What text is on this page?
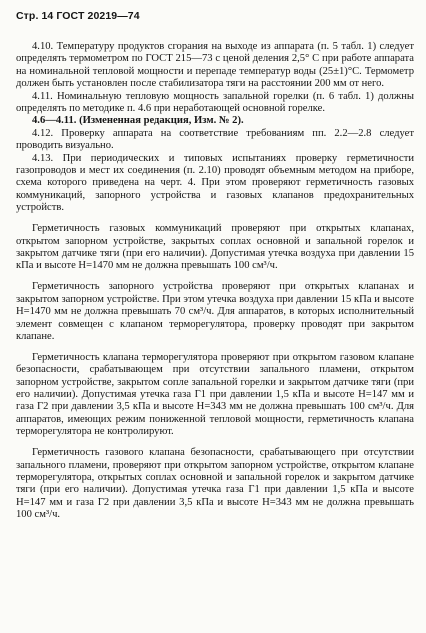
Стр. 14 ГОСТ 20219—74

4.10. Температуру продуктов сгорания на выходе из аппарата (п. 5 табл. 1) следует определять термометром по ГОСТ 215—73 с ценой деления 2,5° С при работе аппарата на номинальной тепловой мощности и перепаде температур воды (25±1)°С. Термометр должен быть установлен после стабилизатора тяги на расстоянии 200 мм от него.

4.11. Номинальную тепловую мощность запальной горелки (п. 6 табл. 1) должны определять по методике п. 4.6 при неработающей основной горелке.

4.6—4.11. (Измененная редакция, Изм. № 2).

4.12. Проверку аппарата на соответствие требованиям пп. 2.2—2.8 следует проводить визуально.

4.13. При периодических и типовых испытаниях проверку герметичности газопроводов и мест их соединения (п. 2.10) проводят объемным методом на приборе, схема которого приведена на черт. 4. При этом проверяют герметичность газовых коммуникаций, запорного устройства и газовых клапанов предохранительных устройств.

Герметичность газовых коммуникаций проверяют при открытых клапанах, открытом запорном устройстве, закрытых соплах основной и запальной горелок и закрытом датчике тяги (при его наличии). Допустимая утечка воздуха при давлении 15 кПа и высоте Н=1470 мм не должна превышать 100 см³/ч.

Герметичность запорного устройства проверяют при открытых клапанах и закрытом запорном устройстве. При этом утечка воздуха при давлении 15 кПа и высоте Н=1470 мм не должна превышать 70 см³/ч. Для аппаратов, в которых исполнительный элемент совмещен с клапаном терморегулятора, проверку проводят при закрытом клапане.

Герметичность клапана терморегулятора проверяют при открытом газовом клапане безопасности, срабатывающем при отсутствии запального пламени, открытом запорном устройстве, закрытом сопле запальной горелки и закрытом датчике тяги (при его наличии). Допустимая утечка газа Г1 при давлении 1,5 кПа и высоте Н=147 мм и газа Г2 при давлении 3,5 кПа и высоте Н=343 мм не должна превышать 100 см³/ч. Для аппаратов, имеющих режим пониженной тепловой мощности, герметичность клапана терморегулятора не контролируют.

Герметичность газового клапана безопасности, срабатывающего при отсутствии запального пламени, проверяют при открытом запорном устройстве, открытом клапане терморегулятора, открытых соплах основной и запальной горелок и закрытом датчике тяги (при его наличии). Допустимая утечка газа Г1 при давлении 1,5 кПа и высоте Н=147 мм и газа Г2 при давлении 3,5 кПа и высоте Н=343 мм не должна превышать 100 см³/ч.
